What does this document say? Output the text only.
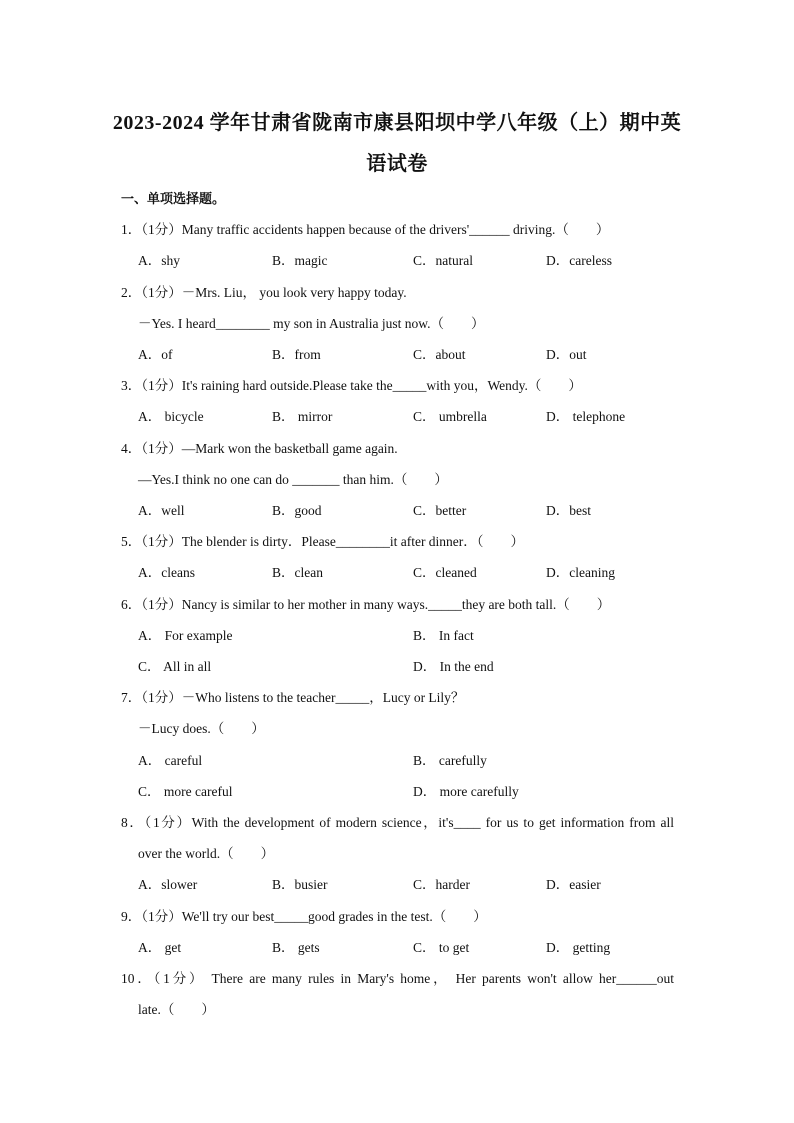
2023-2024 学年甘肃省陇南市康县阳坝中学八年级（上）期中英
语试卷
一、单项选择题。
1．（1分）Many traffic accidents happen because of the drivers'______ driving.（　　）
A．shy	B．magic	C．natural	D．careless
2．（1分）－Mrs. Liu， you look very happy today.
－Yes. I heard________ my son in Australia just now.（　　）
A．of	B．from	C．about	D．out
3．（1分）It's raining hard outside.Please take the_____with you，Wendy.（　　）
A． bicycle	B． mirror	C． umbrella	D． telephone
4．（1分）—Mark won the basketball game again.
—Yes.I think no one can do _______ than him.（　　）
A．well	B．good	C．better	D．best
5．（1分）The blender is dirty．Please________it after dinner．（　　）
A．cleans	B．clean	C．cleaned	D．cleaning
6．（1分）Nancy is similar to her mother in many ways._____they are both tall.（　　）
A． For example	B． In fact
C． All in all	D． In the end
7．（1分）－Who listens to the teacher_____，Lucy or Lily？
－Lucy does.（　　）
A． careful	B． carefully
C． more careful	D． more carefully
8．（1分）With the development of modern science，it's____ for us to get information from all
over the world.（　　）
A．slower	B．busier	C．harder	D．easier
9．（1分）We'll try our best_____good grades in the test.（　　）
A． get	B． gets	C． to get	D． getting
10．（1分） There are many rules in Mary's home， Her parents won't allow her______out
late.（　　）
